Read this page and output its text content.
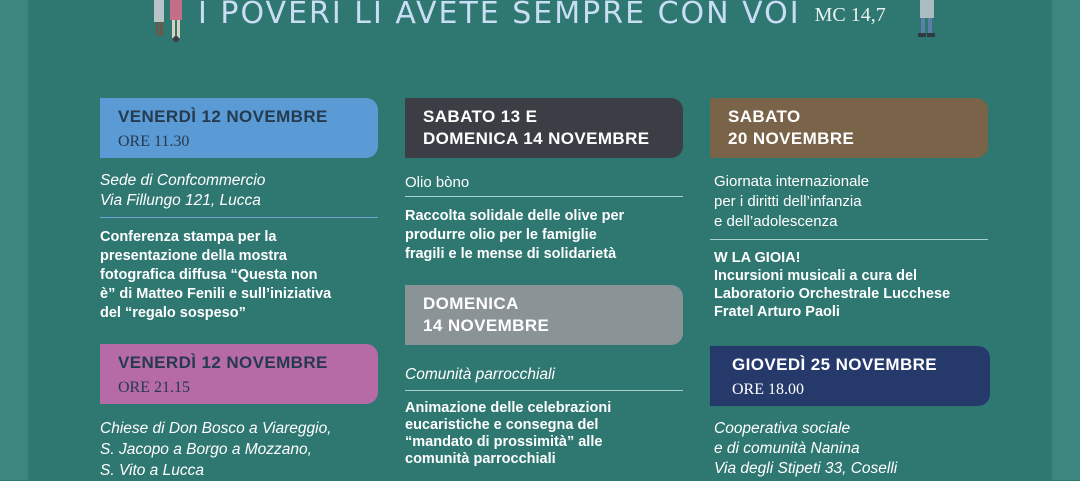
I POVERI LI AVETE SEMPRE CON VOI MC 14,7
VENERDÌ 12 NOVEMBRE
ORE 11.30
Sede di Confcommercio
Via Fillungo 121, Lucca
Conferenza stampa per la
presentazione della mostra
fotografica diffusa “Questa non
è” di Matteo Fenili e sull’iniziativa
del “regalo sospeso”
VENERDÌ 12 NOVEMBRE
ORE 21.15
Chiese di Don Bosco a Viareggio,
S. Jacopo a Borgo a Mozzano,
S. Vito a Lucca
SABATO 13 E
DOMENICA 14 NOVEMBRE
Olio bòno
Raccolta solidale delle olive per
produrre olio per le famiglie
fragili e le mense di solidarietà
DOMENICA
14 NOVEMBRE
Comunità parrocchiali
Animazione delle celebrazioni
eucaristiche e consegna del
“mandato di prossimità” alle
comunità parrocchiali
SABATO
20 NOVEMBRE
Giornata internazionale
per i diritti dell’infanzia
e dell’adolescenza
W LA GIOIA!
Incursioni musicali a cura del
Laboratorio Orchestrale Lucchese
Fratel Arturo Paoli
GIOVEDÌ 25 NOVEMBRE
ORE 18.00
Cooperativa sociale
e di comunità Nanina
Via degli Stipeti 33, Coselli
